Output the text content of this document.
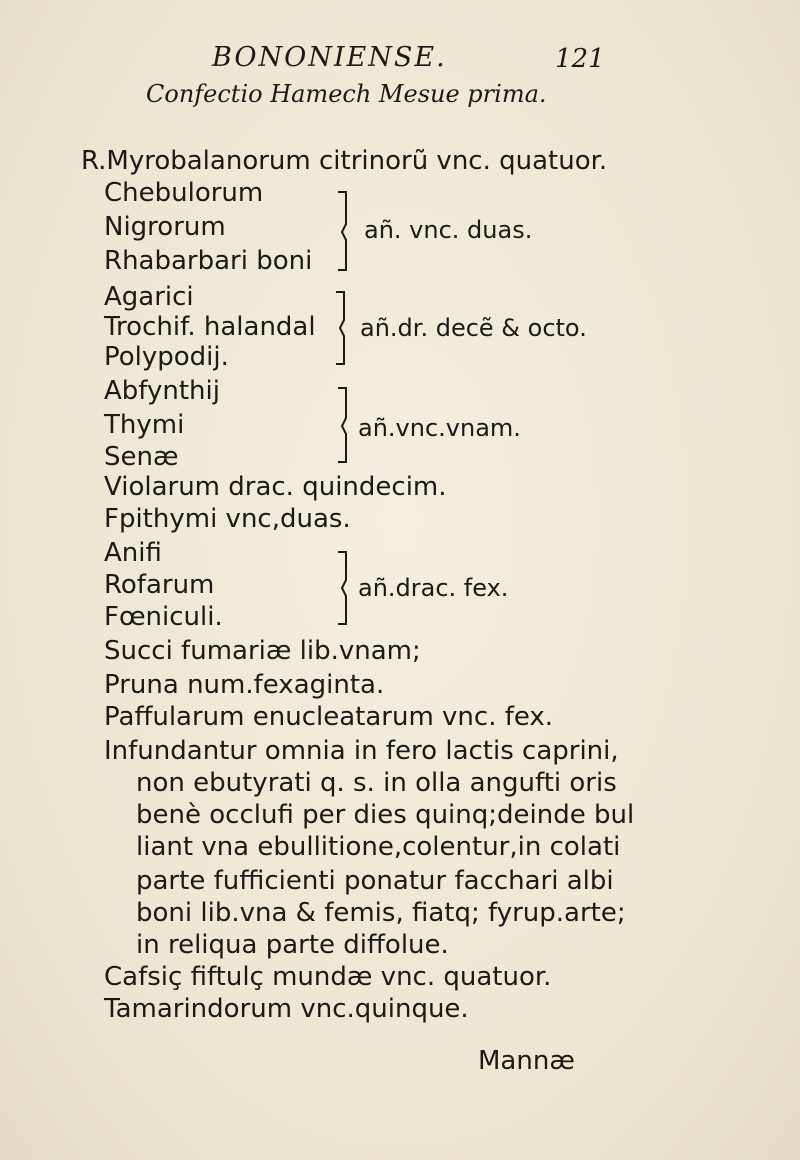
BONONIENSE.	121
Confectio Hamech Mesue prima.
R.Myrobalanorum citrinorũ vnc. quatuor.
Chebulorum
Nigrorum
Rhabarbari boni
Agarici
Trochif. halandal
Polypodij.
Abfynthij
Thymi
Senæ
Violarum drac. quindecim.
Fpithymi vnc,duas.
Anifi
Rofarum
Fœniculi.
Succi fumariæ lib.vnam;
Pruna num.fexaginta.
Paffularum enucleatarum vnc. fex.
Infundantur omnia in fero lactis caprini,
non ebutyrati q. s. in olla angufti oris
benè occlufi per dies quinq;deinde bul
liant vna ebullitione,colentur,in colati
parte fufficienti ponatur facchari albi
boni lib.vna & femis, fiatq; fyrup.arte;
in reliqua parte diffolue.
Cafsiç fiftulç mundæ vnc. quatuor.
Tamarindorum vnc.quinque.
añ. vnc. duas.
añ.dr. decẽ & octo.
añ.vnc.vnam.
añ.drac. fex.
Mannæ
